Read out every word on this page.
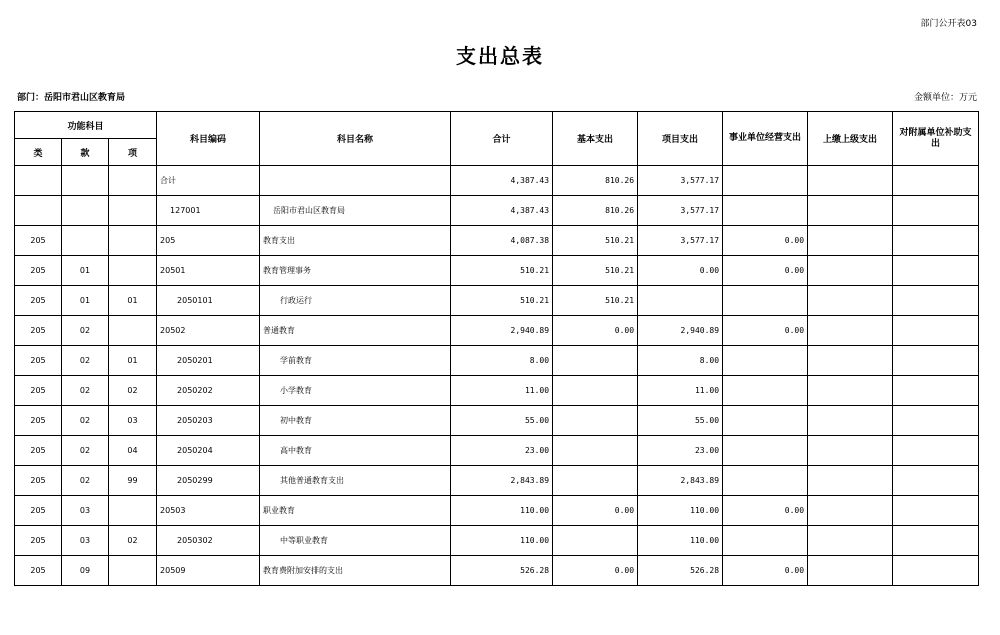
部门公开表03
支出总表
部门：岳阳市君山区教育局	金额单位：万元
功能科目			科目编码	科目名称	合计	基本支出	项目支出	事业单位经营支出	上缴上级支出	对附属单位补助支出
类	款	项								
			合计		4,387.43	810.26	3,577.17			
			127001	岳阳市君山区教育局	4,387.43	810.26	3,577.17			
205			205	教育支出	4,087.38	510.21	3,577.17	0.00		
205	01		20501	教育管理事务	510.21	510.21	0.00	0.00		
205	01	01	2050101	行政运行	510.21	510.21				
205	02		20502	普通教育	2,940.89	0.00	2,940.89	0.00		
205	02	01	2050201	学前教育	8.00		8.00			
205	02	02	2050202	小学教育	11.00		11.00			
205	02	03	2050203	初中教育	55.00		55.00			
205	02	04	2050204	高中教育	23.00		23.00			
205	02	99	2050299	其他普通教育支出	2,843.89		2,843.89			
205	03		20503	职业教育	110.00	0.00	110.00	0.00		
205	03	02	2050302	中等职业教育	110.00		110.00			
205	09		20509	教育费附加安排的支出	526.28	0.00	526.28	0.00		
